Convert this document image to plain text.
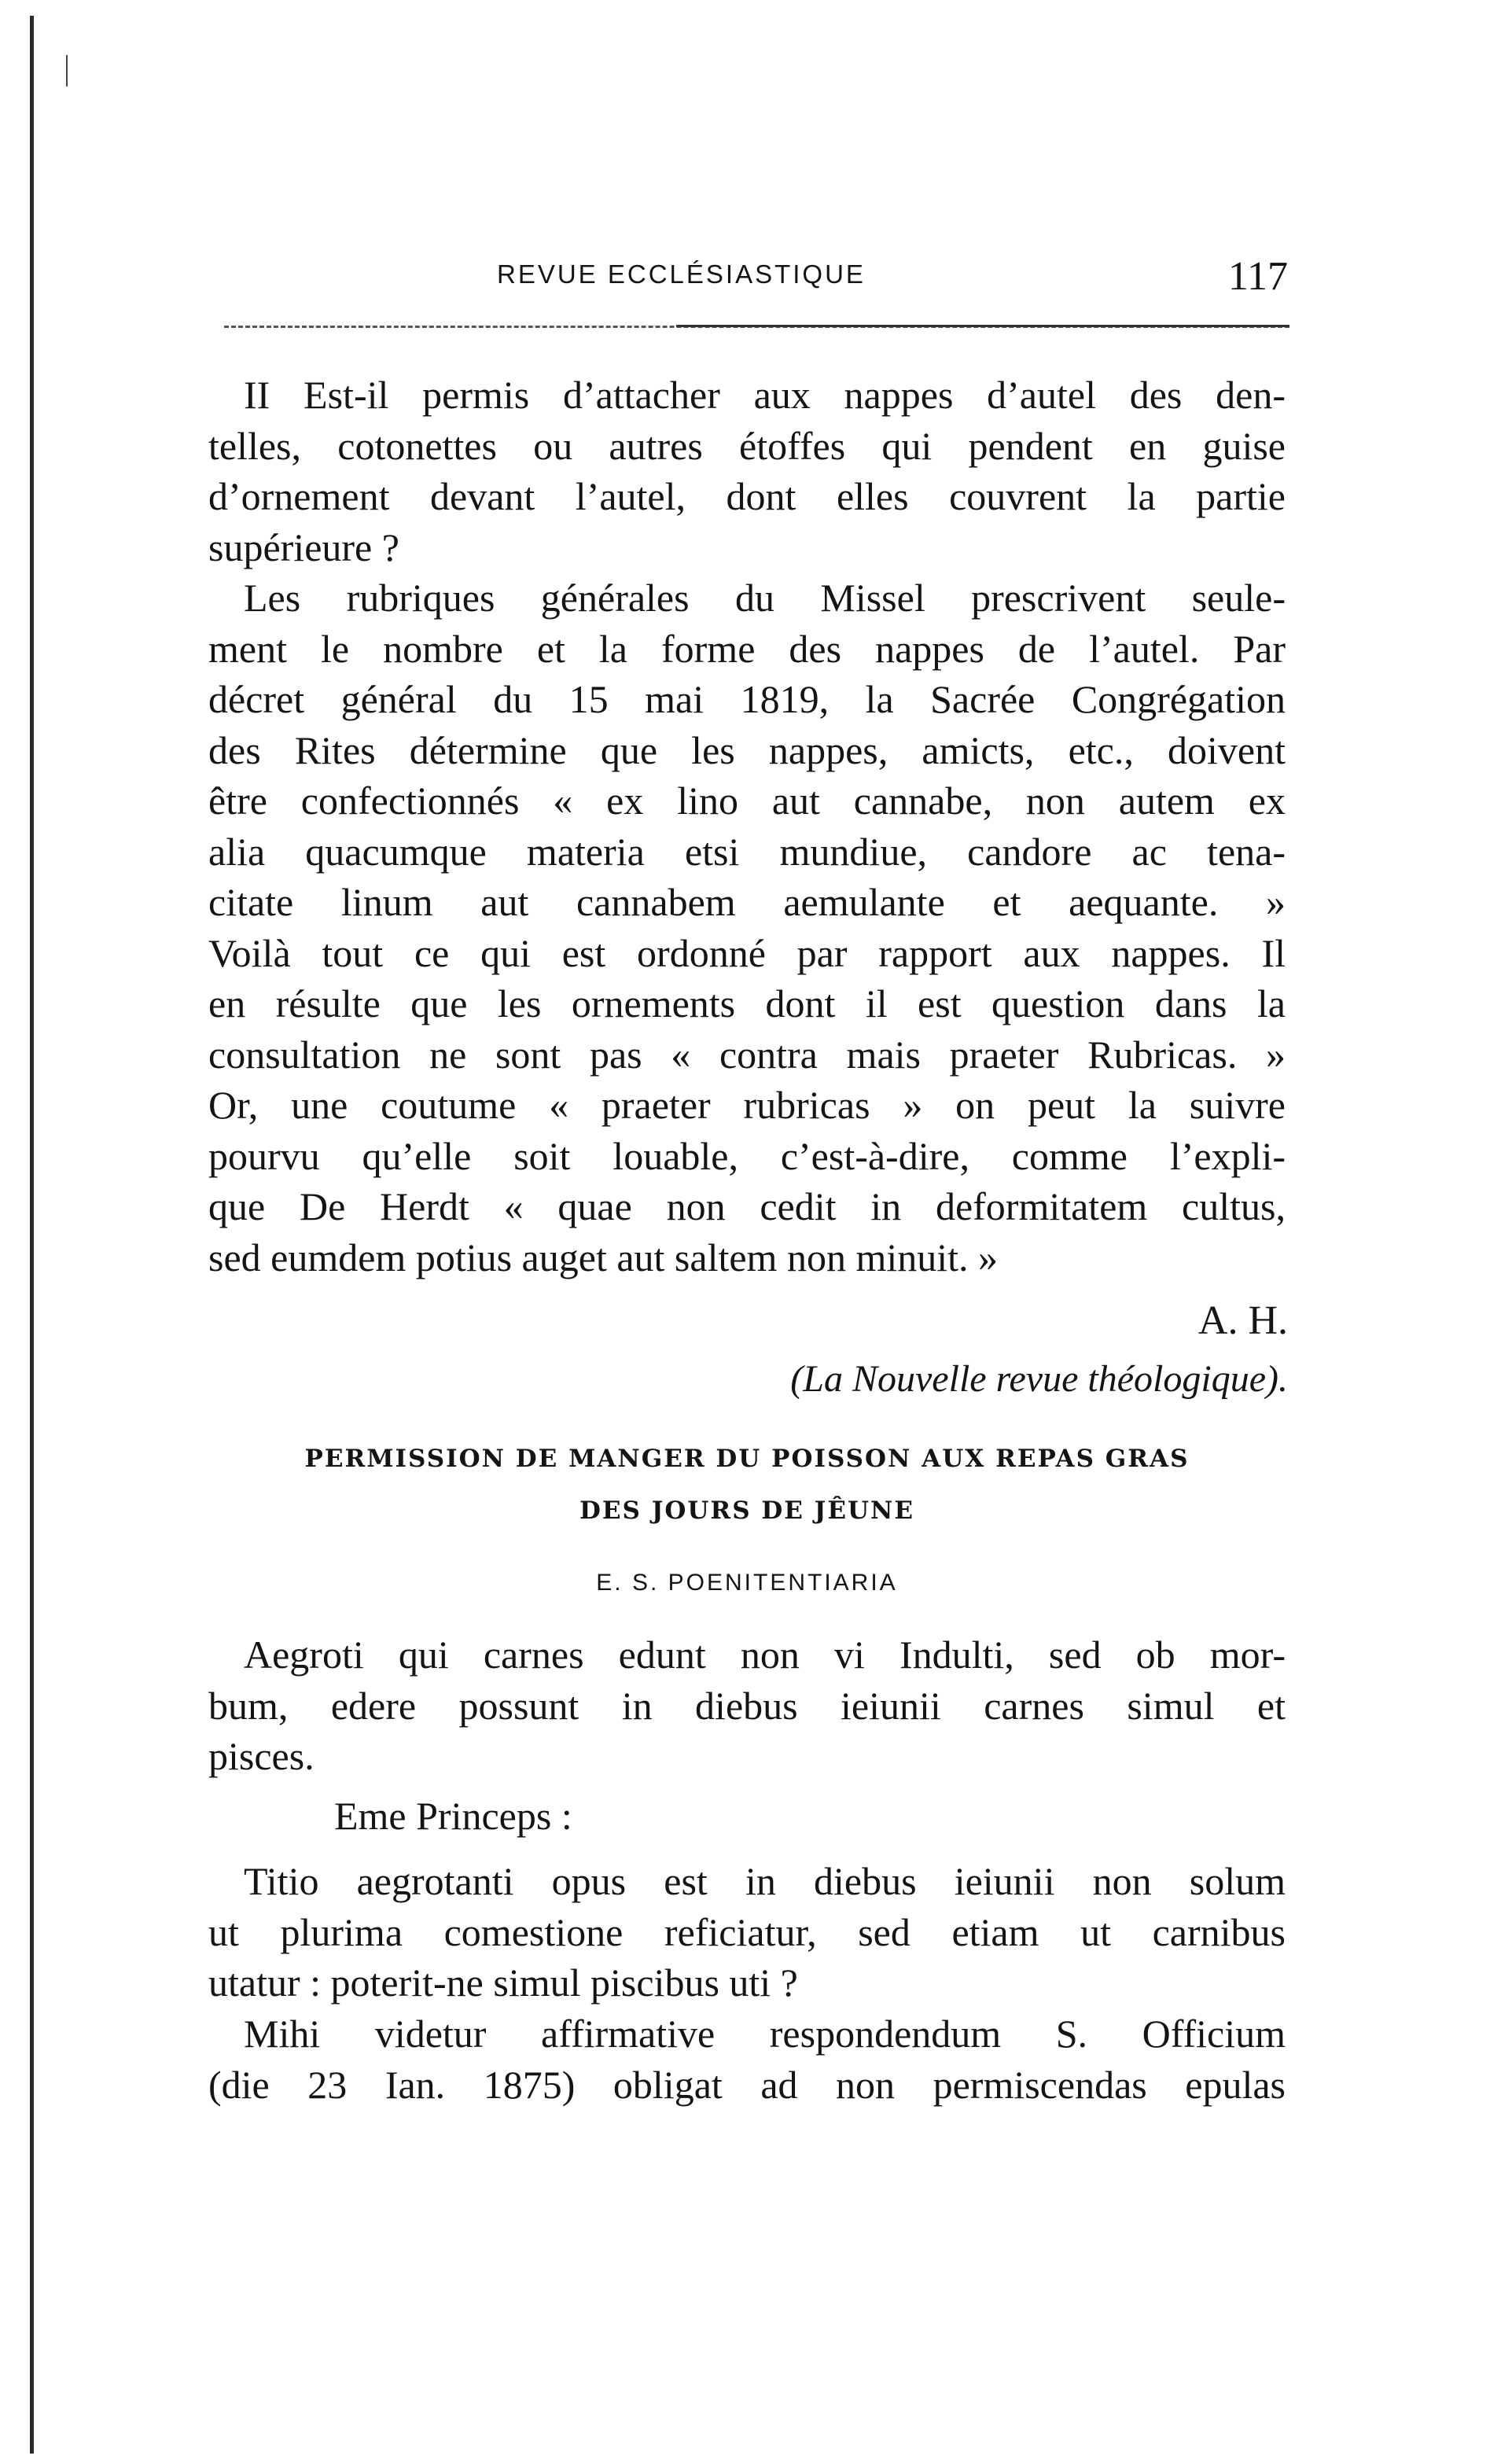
REVUE ECCLÉSIASTIQUE	117
II Est-il permis d’attacher aux nappes d’autel des den-
telles, cotonettes ou autres étoffes qui pendent en guise
d’ornement devant l’autel, dont elles couvrent la partie
supérieure ?
Les rubriques générales du Missel prescrivent seule-
ment le nombre et la forme des nappes de l’autel. Par
décret général du 15 mai 1819, la Sacrée Congrégation
des Rites détermine que les nappes, amicts, etc., doivent
être confectionnés « ex lino aut cannabe, non autem ex
alia quacumque materia etsi mundiue, candore ac tena-
citate linum aut cannabem aemulante et aequante. »
Voilà tout ce qui est ordonné par rapport aux nappes. Il
en résulte que les ornements dont il est question dans la
consultation ne sont pas « contra mais praeter Rubricas. »
Or, une coutume « praeter rubricas » on peut la suivre
pourvu qu’elle soit louable, c’est-à-dire, comme l’expli-
que De Herdt « quae non cedit in deformitatem cultus,
sed eumdem potius auget aut saltem non minuit. »
A. H.
(La Nouvelle revue théologique).
PERMISSION DE MANGER DU POISSON AUX REPAS GRAS
DES JOURS DE JÊUNE
E. S. POENITENTIARIA
Aegroti qui carnes edunt non vi Indulti, sed ob mor-
bum, edere possunt in diebus ieiunii carnes simul et
pisces.
Eme Princeps :
Titio aegrotanti opus est in diebus ieiunii non solum
ut plurima comestione reficiatur, sed etiam ut carnibus
utatur : poterit-ne simul piscibus uti ?
Mihi videtur affirmative respondendum S. Officium
(die 23 Ian. 1875) obligat ad non permiscendas epulas
